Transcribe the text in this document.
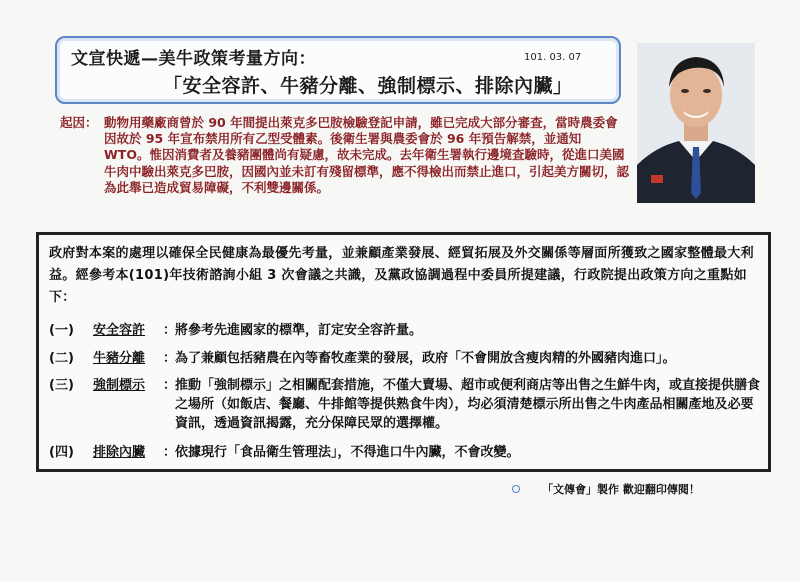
文宣快遞—美牛政策考量方向：	101. 03. 07
「安全容許、牛豬分離、強制標示、排除內臟」
起因： 動物用藥廠商曾於 90 年間提出萊克多巴胺檢驗登記申請，雖已完成大部分審查，當時農委會因故於 95 年宣布禁用所有乙型受體素。後衛生署與農委會於 96 年預告解禁，並通知 WTO。惟因消費者及養豬團體尚有疑慮，故未完成。去年衛生署執行邊境查驗時，從進口美國牛肉中驗出萊克多巴胺，因國內並未訂有殘留標準，應不得檢出而禁止進口，引起美方關切，認為此舉已造成貿易障礙，不利雙邊關係。
政府對本案的處理以確保全民健康為最優先考量，並兼顧產業發展、經貿拓展及外交關係等層面所獲致之國家整體最大利益。經參考本(101)年技術諮詢小組 3 次會議之共識，及黨政協調過程中委員所提建議，行政院提出政策方向之重點如下：
(一)	安全容許	：
將參考先進國家的標準，訂定安全容許量。
(二)	牛豬分離	：
為了兼顧包括豬農在內等畜牧產業的發展，政府「不會開放含瘦肉精的外國豬肉進口」。
(三)	強制標示	：
推動「強制標示」之相關配套措施，不僅大賣場、超市或便利商店等出售之生鮮牛肉，或直接提供膳食之場所（如飯店、餐廳、牛排館等提供熟食牛肉），均必須清楚標示所出售之牛肉產品相關產地及必要資訊，透過資訊揭露，充分保障民眾的選擇權。
(四)	排除內臟	：
依據現行「食品衛生管理法」，不得進口牛內臟，不會改變。
「文傳會」製作 歡迎翻印傳閱！
